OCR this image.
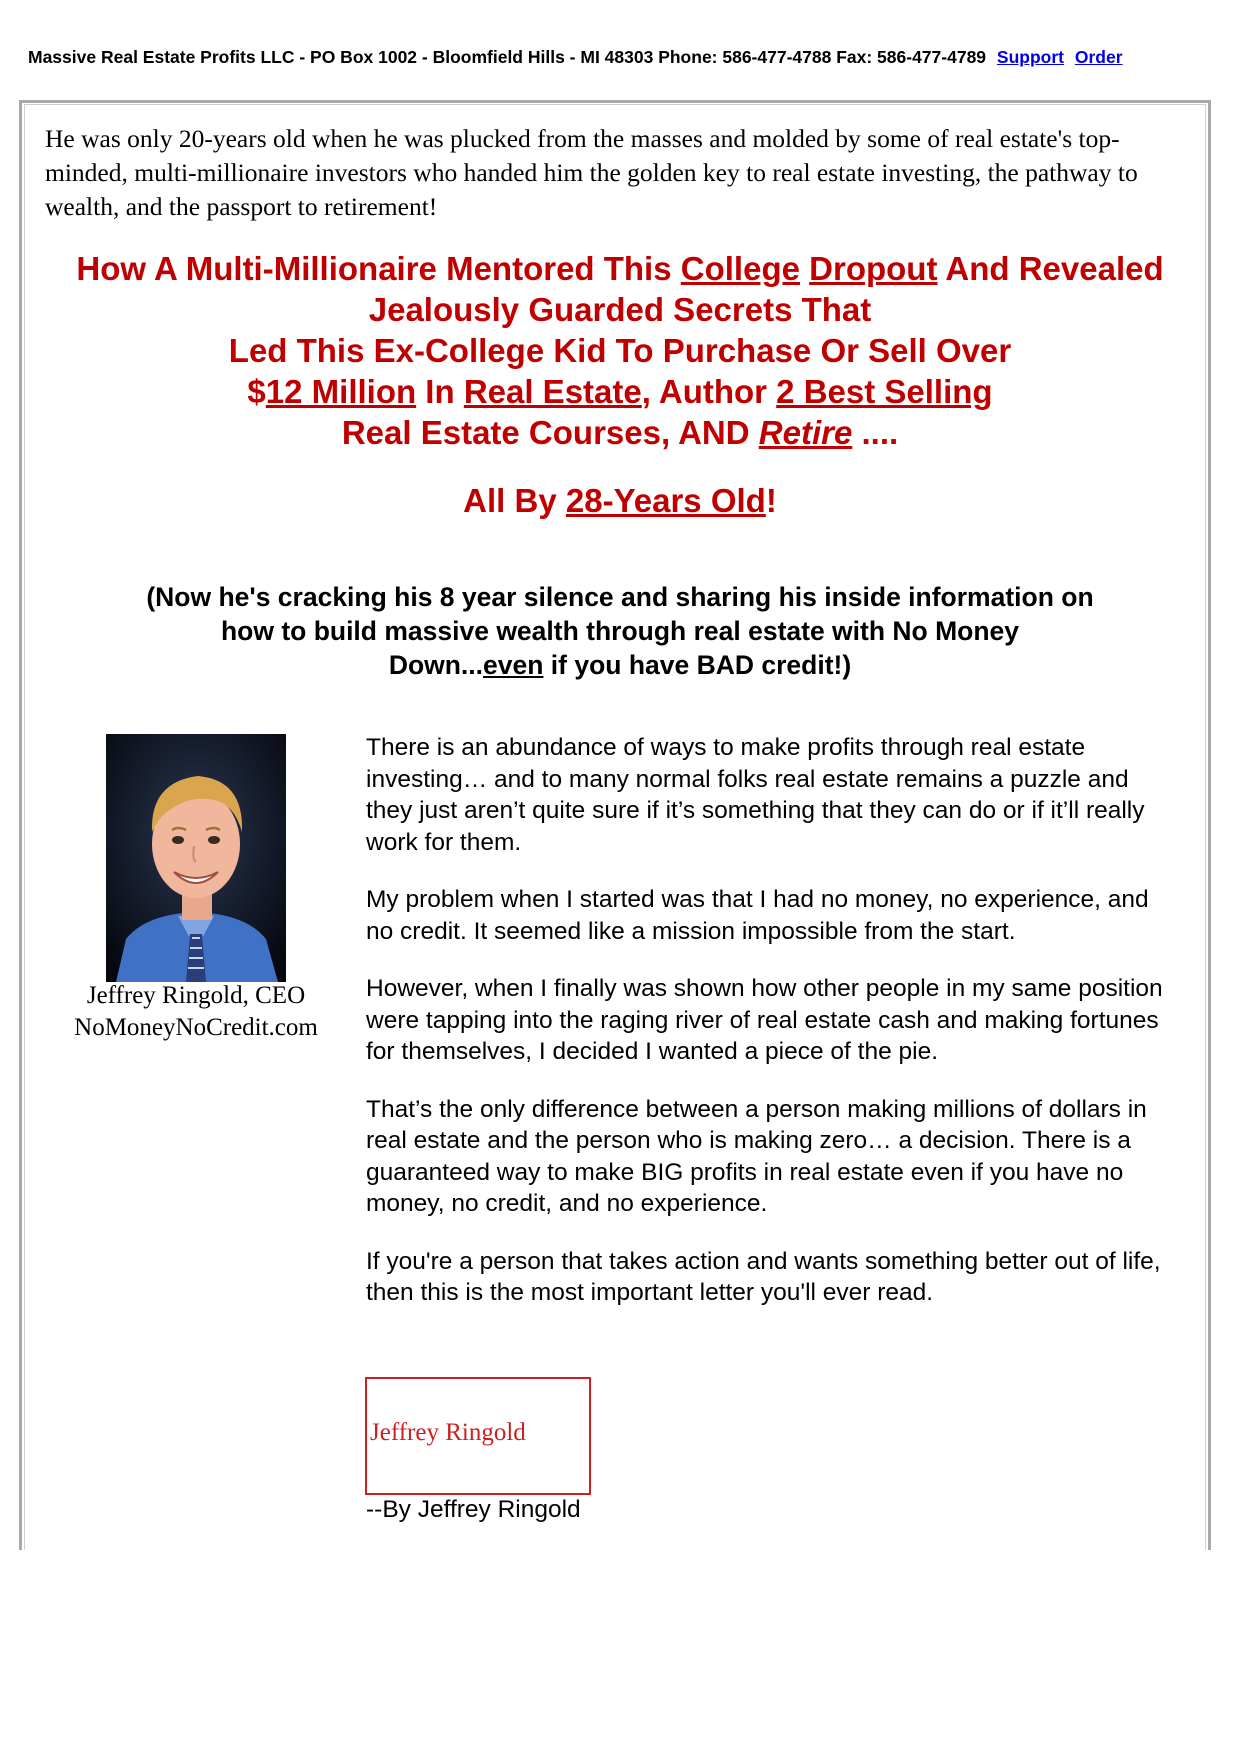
Massive Real Estate Profits LLC - PO Box 1002 - Bloomfield Hills - MI 48303 Phone: 586-477-4788 Fax: 586-477-4789 Support Order
He was only 20-years old when he was plucked from the masses and molded by some of real estate's top-minded, multi-millionaire investors who handed him the golden key to real estate investing, the pathway to wealth, and the passport to retirement!
How A Multi-Millionaire Mentored This College Dropout And Revealed
Jealously Guarded Secrets That
Led This Ex-College Kid To Purchase Or Sell Over
$12 Million In Real Estate, Author 2 Best Selling
Real Estate Courses, AND Retire ....
All By 28-Years Old!
(Now he's cracking his 8 year silence and sharing his inside information on how to build massive wealth through real estate with No Money Down...even if you have BAD credit!)
Jeffrey Ringold, CEO
NoMoneyNoCredit.com

There is an abundance of ways to make profits through real estate investing… and to many normal folks real estate remains a puzzle and they just aren’t quite sure if it’s something that they can do or if it’ll really work for them.

My problem when I started was that I had no money, no experience, and no credit. It seemed like a mission impossible from the start.

However, when I finally was shown how other people in my same position were tapping into the raging river of real estate cash and making fortunes for themselves, I decided I wanted a piece of the pie.

That’s the only difference between a person making millions of dollars in real estate and the person who is making zero… a decision. There is a guaranteed way to make BIG profits in real estate even if you have no money, no credit, and no experience.

If you're a person that takes action and wants something better out of life, then this is the most important letter you'll ever read.

Jeffrey Ringold
--By Jeffrey Ringold
